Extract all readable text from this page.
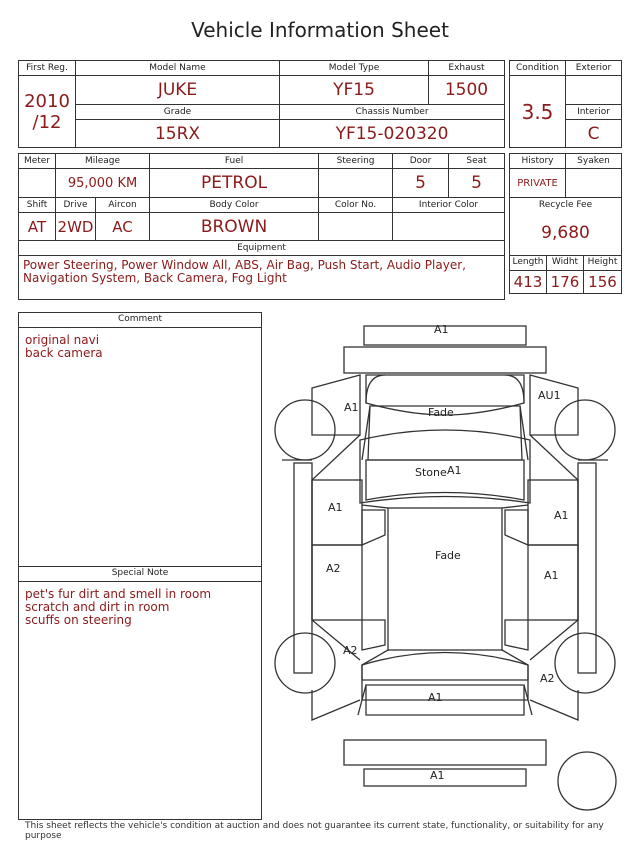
Vehicle Information Sheet
First Reg.	Model Name	Model Type	Exhaust
2010
/12	JUKE	YF15	1500
	Grade	Chassis Number	
	15RX	YF15-020320	
Condition	Exterior
3.5	
	Interior
	C
Meter	Mileage		Fuel	Steering	Door	Seat
	95,000 KM		PETROL		5	5
Shift	Drive	Aircon	Body Color	Color No.	Interior Color	
AT	2WD	AC	BROWN			
Equipment						
Power Steering, Power Window All, ABS, Air Bag, Push Start, Audio Player, Navigation System, Back Camera, Fog Light						
History		Syaken	
PRIVATE			
Recycle Fee			
9,680			
Length	Widht		Height
413	176		156
Comment
original navi
back camera
Special Note
pet's fur dirt and smell in room
scratch and dirt in room
scuffs on steering
A1
A1
AU1
Fade
Stone A1
A1
A1
Fade
A2
A1
A2
A2
A1
A1
This sheet reflects the vehicle's condition at auction and does not guarantee its current state, functionality, or suitability for any purpose
